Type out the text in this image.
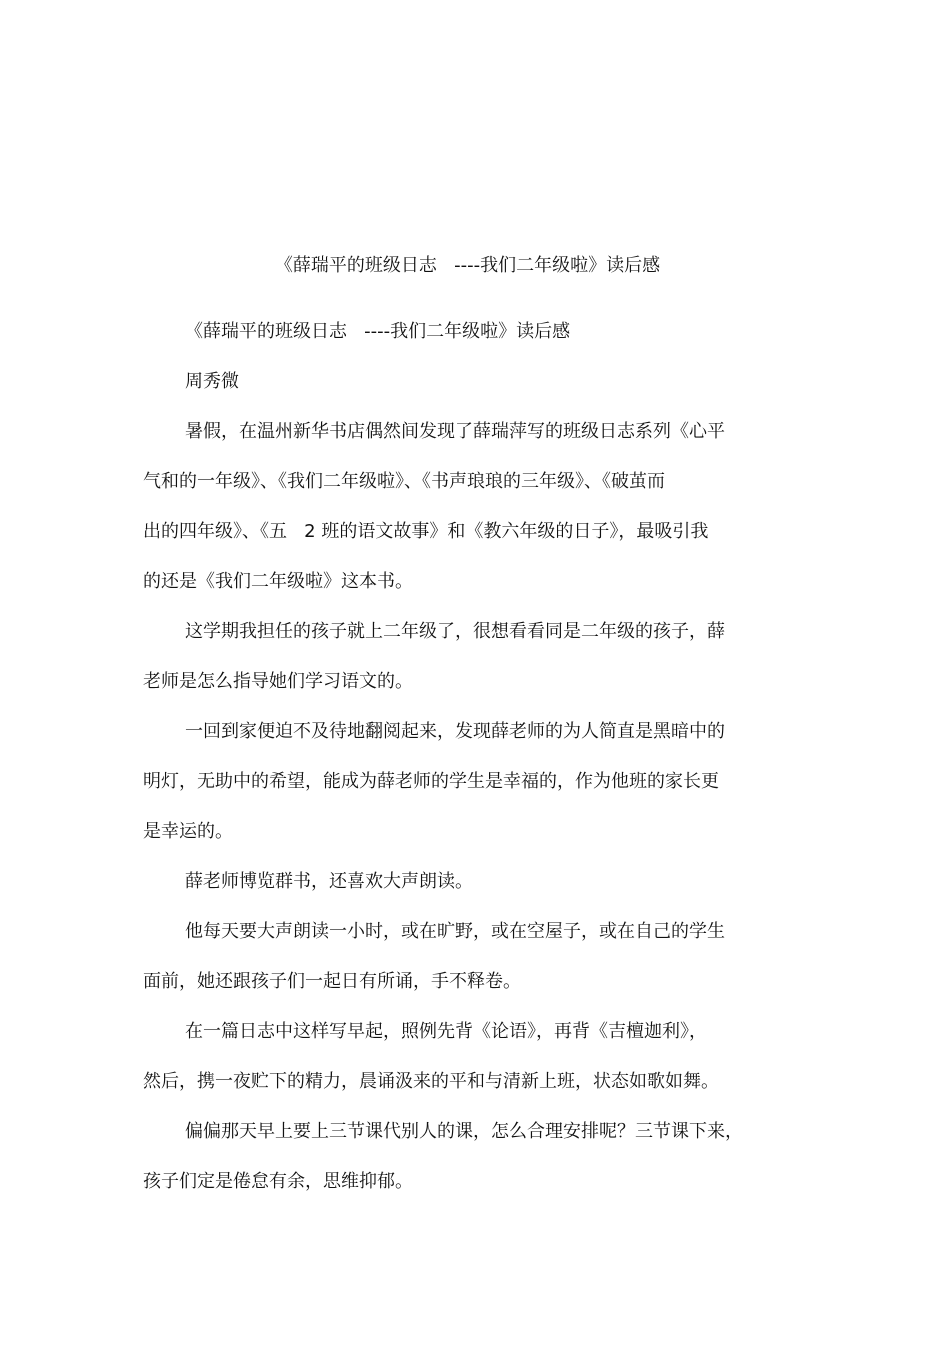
《薛瑞平的班级日志   ----我们二年级啦》读后感
《薛瑞平的班级日志   ----我们二年级啦》读后感
周秀微
暑假，在温州新华书店偶然间发现了薛瑞萍写的班级日志系列《心平
气和的一年级》、《我们二年级啦》、《书声琅琅的三年级》、《破茧而
出的四年级》、《五   2 班的语文故事》和《教六年级的日子》，最吸引我
的还是《我们二年级啦》这本书。
这学期我担任的孩子就上二年级了，很想看看同是二年级的孩子，薛
老师是怎么指导她们学习语文的。
一回到家便迫不及待地翻阅起来，发现薛老师的为人简直是黑暗中的
明灯，无助中的希望，能成为薛老师的学生是幸福的，作为他班的家长更
是幸运的。
薛老师博览群书，还喜欢大声朗读。
他每天要大声朗读一小时，或在旷野，或在空屋子，或在自己的学生
面前，她还跟孩子们一起日有所诵，手不释卷。
在一篇日志中这样写早起，照例先背《论语》，再背《吉檀迦利》，
然后，携一夜贮下的精力，晨诵汲来的平和与清新上班，状态如歌如舞。
偏偏那天早上要上三节课代别人的课，怎么合理安排呢？三节课下来，
孩子们定是倦怠有余，思维抑郁。
